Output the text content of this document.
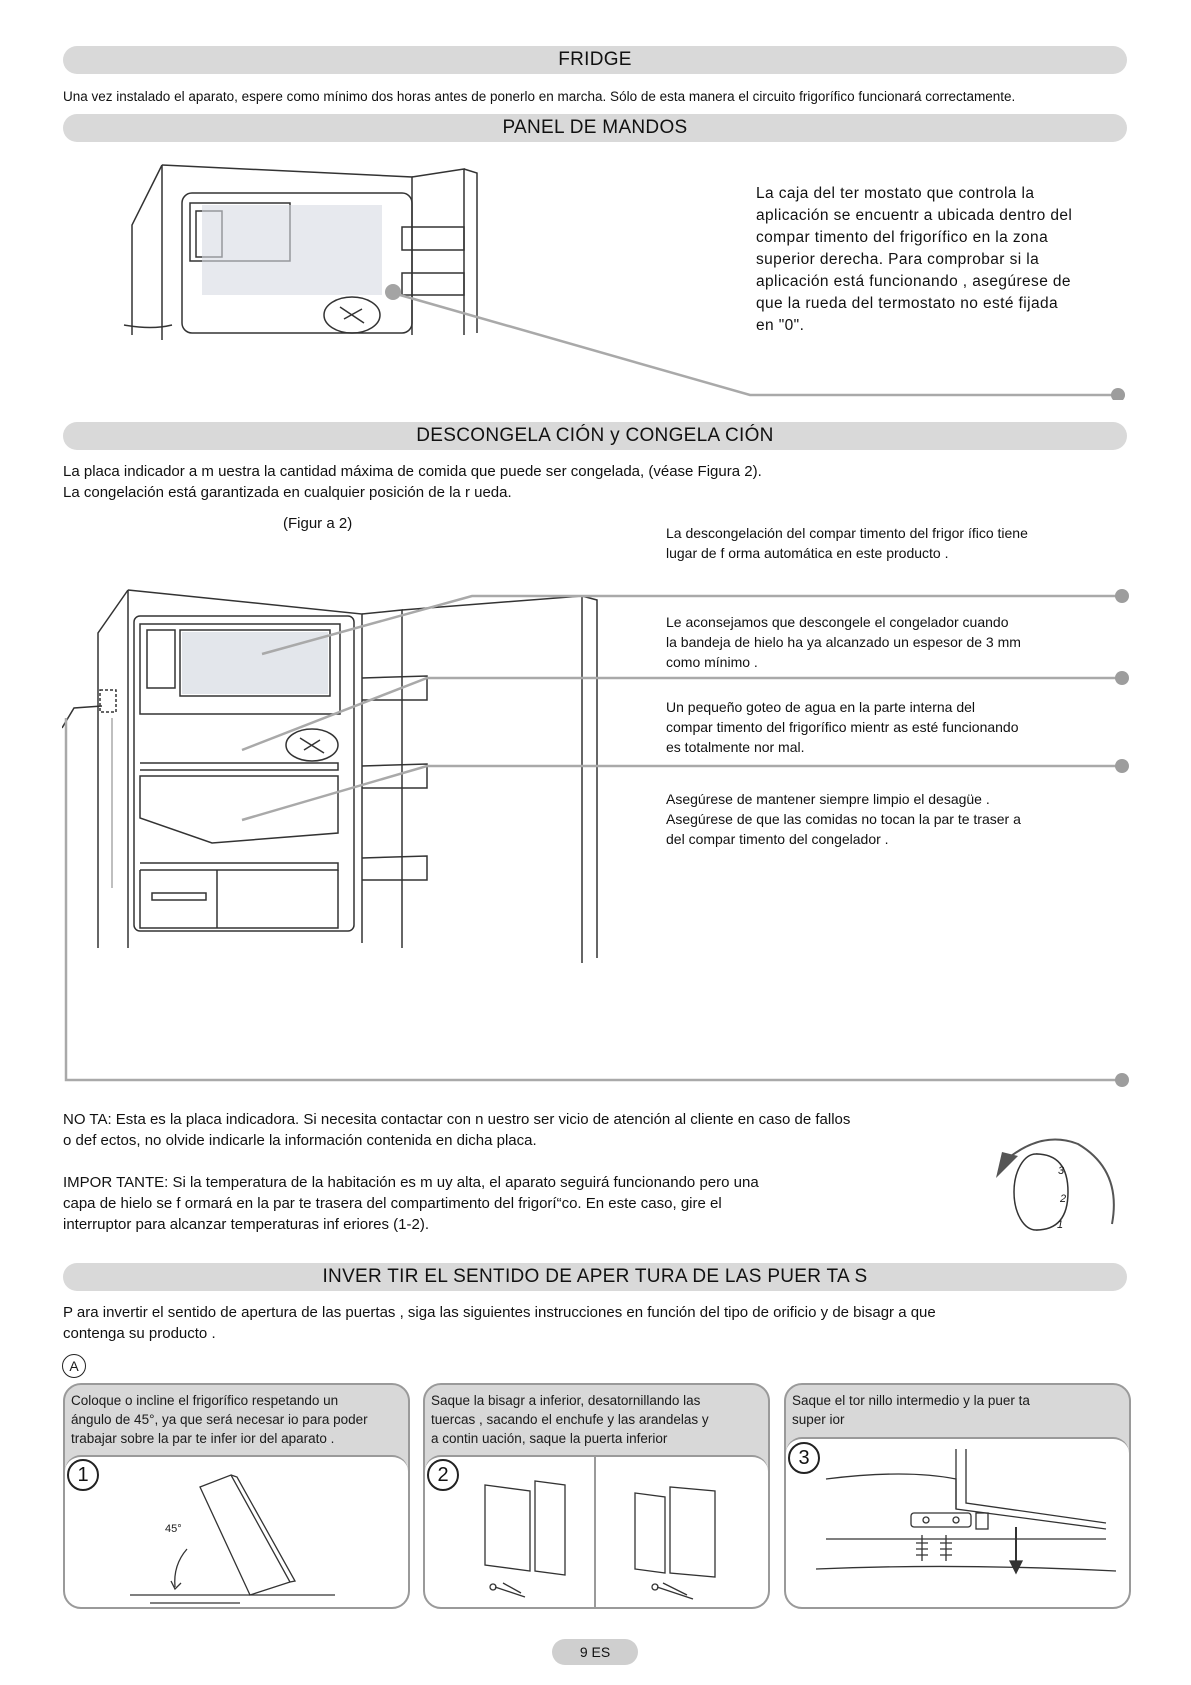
FRIDGE
Una vez instalado el aparato, espere como mínimo dos horas antes de ponerlo en marcha. Sólo de esta manera el circuito frigorífico funcionará correctamente.
PANEL DE MANDOS
La caja del ter mostato que controla la
aplicación se encuentr a ubicada dentro del
compar timento del frigorífico en la zona
superior derecha. Para comprobar si la
aplicación está funcionando , asegúrese de
que la rueda del termostato no esté fijada
en "0".
DESCONGELA CIÓN y CONGELA CIÓN
La placa indicador a m uestra la cantidad máxima de comida que puede ser congelada, (véase Figura 2).
La congelación está garantizada en cualquier posición de la r ueda.
(Figur a 2)
La descongelación del compar timento del frigor ífico tiene
lugar de f orma automática en este producto .
Le aconsejamos que descongele el congelador cuando
la bandeja de hielo ha ya alcanzado un espesor de 3 mm
como mínimo .
Un pequeño goteo de agua en la parte interna del
compar timento del frigorífico mientr as esté funcionando
es totalmente nor mal.
Asegúrese de mantener siempre limpio el desagüe .
Asegúrese de que las comidas no tocan la par te traser a
del compar timento del congelador .
NO TA: Esta es la placa indicadora. Si necesita contactar con n uestro ser vicio de atención al cliente en caso de fallos
o def ectos, no olvide indicarle la información contenida en dicha placa.
IMPOR TANTE: Si la temperatura de la habitación es m uy alta, el aparato seguirá funcionando pero una
capa de hielo se f ormará en la par te trasera del compartimento del frigorí“co. En este caso, gire el
interruptor para alcanzar temperaturas inf eriores (1-2).
3
2
1
INVER TIR EL SENTIDO DE APER TURA DE LAS PUER TA S
P ara invertir el sentido de apertura de las puertas , siga las siguientes instrucciones en función del tipo de orificio y de bisagr a que
contenga su producto .
A
Coloque o incline el frigorífico respetando un
ángulo de 45°, ya que será necesar io para poder
trabajar sobre la par te infer ior del aparato .
45°
1
Saque la bisagr a inferior, desatornillando las
tuercas , sacando el enchufe y las arandelas y
a contin uación, saque la puerta inferior
2
Saque el tor nillo intermedio y la puer ta
super ior
3
9 ES
